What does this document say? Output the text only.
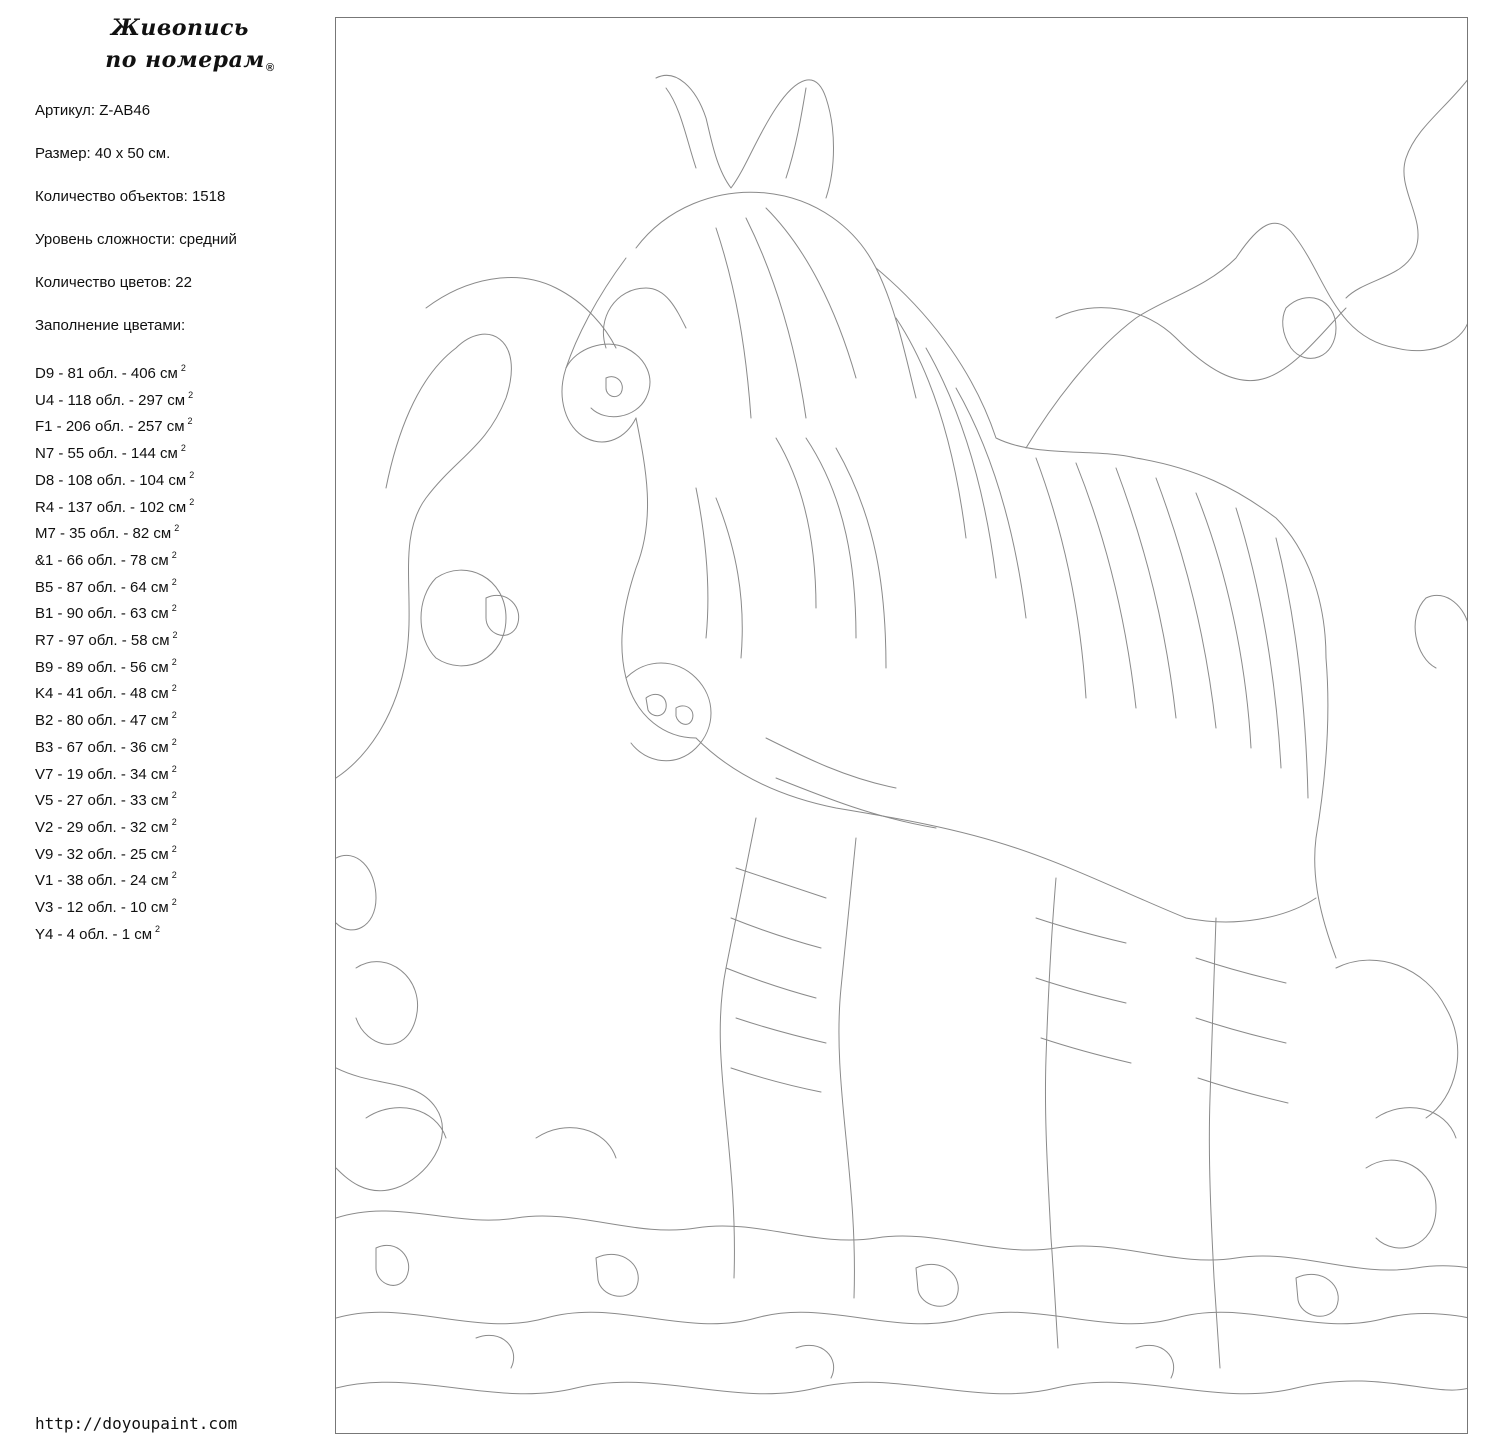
Живопись
по номерам ®
Артикул: Z-AB46
Размер: 40 x 50 см.
Количество объектов: 1518
Уровень сложности: средний
Количество цветов: 22
Заполнение цветами:
D9 - 81 обл. - 406 см $^2$
U4 - 118 обл. - 297 см $^2$
F1 - 206 обл. - 257 см $^2$
N7 - 55 обл. - 144 см $^2$
D8 - 108 обл. - 104 см $^2$
R4 - 137 обл. - 102 см $^2$
M7 - 35 обл. - 82 см $^2$
&1 - 66 обл. - 78 см $^2$
B5 - 87 обл. - 64 см $^2$
B1 - 90 обл. - 63 см $^2$
R7 - 97 обл. - 58 см $^2$
B9 - 89 обл. - 56 см $^2$
K4 - 41 обл. - 48 см $^2$
B2 - 80 обл. - 47 см $^2$
B3 - 67 обл. - 36 см $^2$
V7 - 19 обл. - 34 см $^2$
V5 - 27 обл. - 33 см $^2$
V2 - 29 обл. - 32 см $^2$
V9 - 32 обл. - 25 см $^2$
V1 - 38 обл. - 24 см $^2$
V3 - 12 обл. - 10 см $^2$
Y4 - 4 обл. - 1 см $^2$
http://doyoupaint.com
